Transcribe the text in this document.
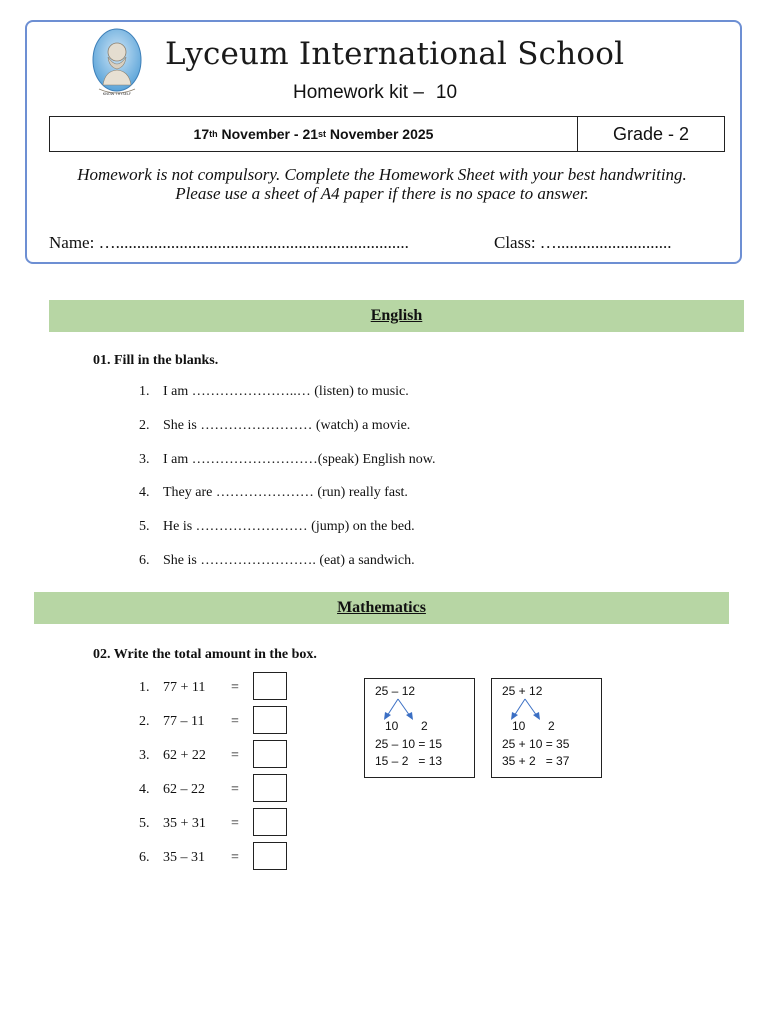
KNOW THYSELF
Lyceum International School
Homework kit – 10
17 th
November -
21 st
November 2025	Grade - 2
Homework is not compulsory. Complete the Homework Sheet with your best handwriting. Please use a sheet of A4 paper if there is no space to answer.
Name: ….....................................................................	Class: …...........................
English
01. Fill in the blanks.
1. I am …………………..… (listen) to music.
2. She is …………………… (watch) a movie.
3. I am ………………………(speak) English now.
4. They are ………………… (run) really fast.
5. He is …………………… (jump) on the bed.
6. She is ……………………. (eat) a sandwich.
Mathematics
02. Write the total amount in the box.
1. 77 + 11 =
2. 77 – 11 =
3. 62 + 22 =
4. 62 – 22 =
5. 35 + 31 =
6. 35 – 31 =
25 – 12
10 2
25 – 10 = 15
15 – 2   = 13
25 + 12
10 2
25 + 10 = 35
35 + 2   = 37
